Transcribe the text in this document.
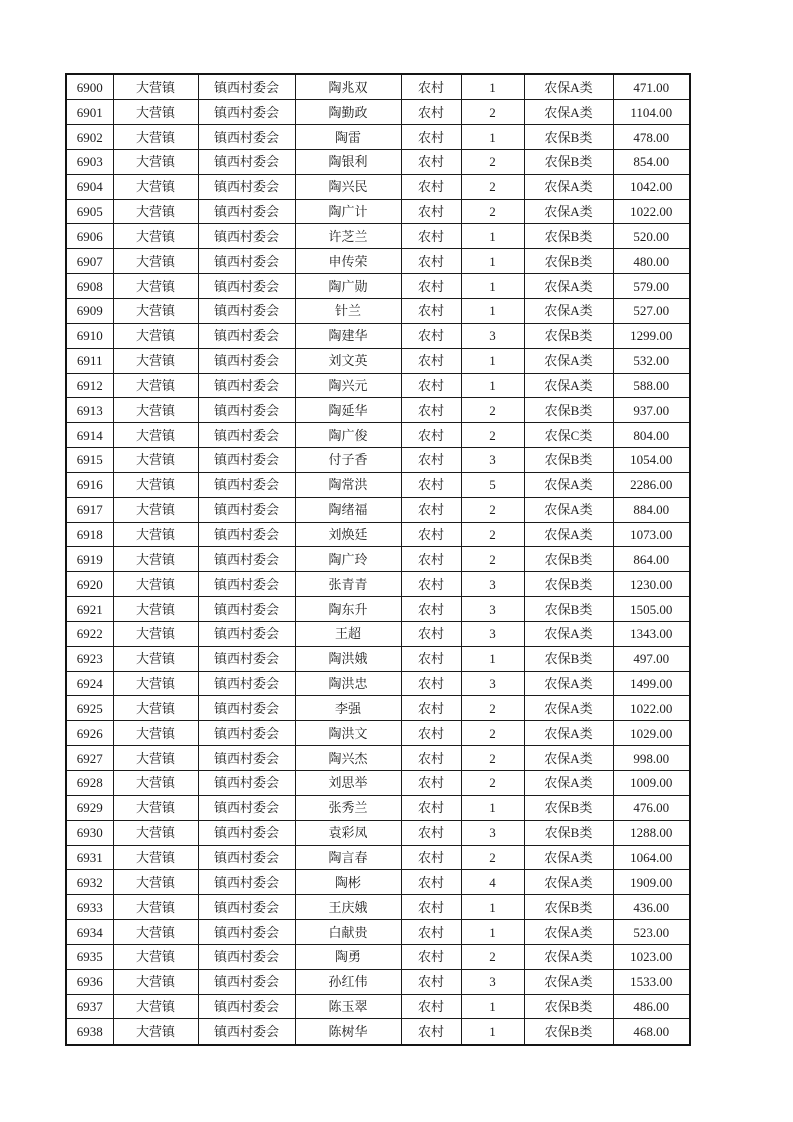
6900	大营镇	镇西村委会	陶兆双	农村	1	农保A类	471.00
6901	大营镇	镇西村委会	陶勤政	农村	2	农保A类	1104.00
6902	大营镇	镇西村委会	陶雷	农村	1	农保B类	478.00
6903	大营镇	镇西村委会	陶银利	农村	2	农保B类	854.00
6904	大营镇	镇西村委会	陶兴民	农村	2	农保A类	1042.00
6905	大营镇	镇西村委会	陶广计	农村	2	农保A类	1022.00
6906	大营镇	镇西村委会	许芝兰	农村	1	农保B类	520.00
6907	大营镇	镇西村委会	申传荣	农村	1	农保B类	480.00
6908	大营镇	镇西村委会	陶广勋	农村	1	农保A类	579.00
6909	大营镇	镇西村委会	针兰	农村	1	农保A类	527.00
6910	大营镇	镇西村委会	陶建华	农村	3	农保B类	1299.00
6911	大营镇	镇西村委会	刘文英	农村	1	农保A类	532.00
6912	大营镇	镇西村委会	陶兴元	农村	1	农保A类	588.00
6913	大营镇	镇西村委会	陶延华	农村	2	农保B类	937.00
6914	大营镇	镇西村委会	陶广俊	农村	2	农保C类	804.00
6915	大营镇	镇西村委会	付子香	农村	3	农保B类	1054.00
6916	大营镇	镇西村委会	陶常洪	农村	5	农保A类	2286.00
6917	大营镇	镇西村委会	陶绪福	农村	2	农保A类	884.00
6918	大营镇	镇西村委会	刘焕廷	农村	2	农保A类	1073.00
6919	大营镇	镇西村委会	陶广玲	农村	2	农保B类	864.00
6920	大营镇	镇西村委会	张青青	农村	3	农保B类	1230.00
6921	大营镇	镇西村委会	陶东升	农村	3	农保B类	1505.00
6922	大营镇	镇西村委会	王超	农村	3	农保A类	1343.00
6923	大营镇	镇西村委会	陶洪娥	农村	1	农保B类	497.00
6924	大营镇	镇西村委会	陶洪忠	农村	3	农保A类	1499.00
6925	大营镇	镇西村委会	李强	农村	2	农保A类	1022.00
6926	大营镇	镇西村委会	陶洪文	农村	2	农保A类	1029.00
6927	大营镇	镇西村委会	陶兴杰	农村	2	农保A类	998.00
6928	大营镇	镇西村委会	刘思举	农村	2	农保A类	1009.00
6929	大营镇	镇西村委会	张秀兰	农村	1	农保B类	476.00
6930	大营镇	镇西村委会	袁彩凤	农村	3	农保B类	1288.00
6931	大营镇	镇西村委会	陶言春	农村	2	农保A类	1064.00
6932	大营镇	镇西村委会	陶彬	农村	4	农保A类	1909.00
6933	大营镇	镇西村委会	王庆娥	农村	1	农保B类	436.00
6934	大营镇	镇西村委会	白献贵	农村	1	农保A类	523.00
6935	大营镇	镇西村委会	陶勇	农村	2	农保A类	1023.00
6936	大营镇	镇西村委会	孙红伟	农村	3	农保A类	1533.00
6937	大营镇	镇西村委会	陈玉翠	农村	1	农保B类	486.00
6938	大营镇	镇西村委会	陈树华	农村	1	农保B类	468.00
